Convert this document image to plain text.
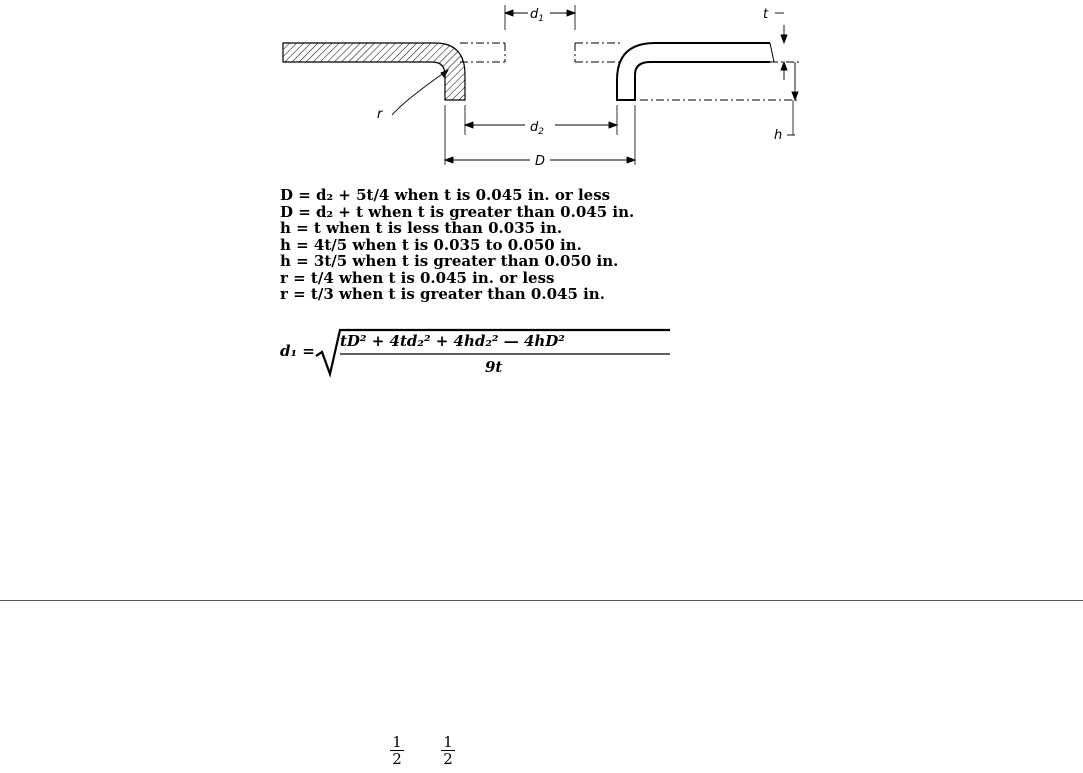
$d_1$
$d_2$
D
t
h
r
D = d₂ + 5t/4 when t is 0.045 in. or less
D = d₂ + t when t is greater than 0.045 in.
h = t when t is less than 0.035 in.
h = 4t/5 when t is 0.035 to 0.050 in.
h = 3t/5 when t is greater than 0.050 in.
r = t/4 when t is 0.045 in. or less
r = t/3 when t is greater than 0.045 in.
d₁ =
tD² + 4td₂² + 4hd₂² — 4hD²
9t
$\frac{1}{2} \frac{1}{2}$
